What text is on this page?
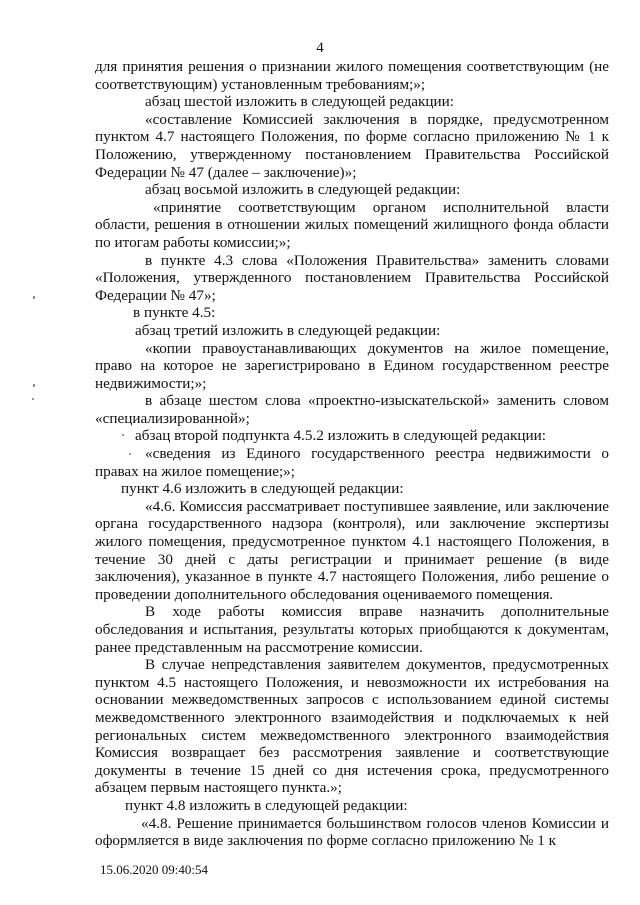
4

для принятия решения о признании жилого помещения соответствующим (не соответствующим) установленным требованиям;»;

абзац шестой изложить в следующей редакции:

«составление Комиссией заключения в порядке, предусмотренном пунктом 4.7 настоящего Положения, по форме согласно приложению № 1 к Положению, утвержденному постановлением Правительства Российской Федерации № 47 (далее – заключение)»;

абзац восьмой изложить в следующей редакции:

«принятие соответствующим органом исполнительной власти области, решения в отношении жилых помещений жилищного фонда области по итогам работы комиссии;»;

в пункте 4.3 слова «Положения Правительства» заменить словами «Положения, утвержденного постановлением Правительства Российской Федерации № 47»;

в пункте 4.5:

абзац третий изложить в следующей редакции:

«копии правоустанавливающих документов на жилое помещение, право на которое не зарегистрировано в Едином государственном реестре недвижимости;»;

в абзаце шестом слова «проектно-изыскательской» заменить словом «специализированной»;

абзац второй подпункта 4.5.2 изложить в следующей редакции:

«сведения из Единого государственного реестра недвижимости о правах на жилое помещение;»;

пункт 4.6 изложить в следующей редакции:

«4.6. Комиссия рассматривает поступившее заявление, или заключение органа государственного надзора (контроля), или заключение экспертизы жилого помещения, предусмотренное пунктом 4.1 настоящего Положения, в течение 30 дней с даты регистрации и принимает решение (в виде заключения), указанное в пункте 4.7 настоящего Положения, либо решение о проведении дополнительного обследования оцениваемого помещения.

В ходе работы комиссия вправе назначить дополнительные обследования и испытания, результаты которых приобщаются к документам, ранее представленным на рассмотрение комиссии.

В случае непредставления заявителем документов, предусмотренных пунктом 4.5 настоящего Положения, и невозможности их истребования на основании межведомственных запросов с использованием единой системы межведомственного электронного взаимодействия и подключаемых к ней региональных систем межведомственного электронного взаимодействия Комиссия возвращает без рассмотрения заявление и соответствующие документы в течение 15 дней со дня истечения срока, предусмотренного абзацем первым настоящего пункта.»;

пункт 4.8 изложить в следующей редакции:

«4.8. Решение принимается большинством голосов членов Комиссии и оформляется в виде заключения по форме согласно приложению № 1 к

15.06.2020 09:40:54
